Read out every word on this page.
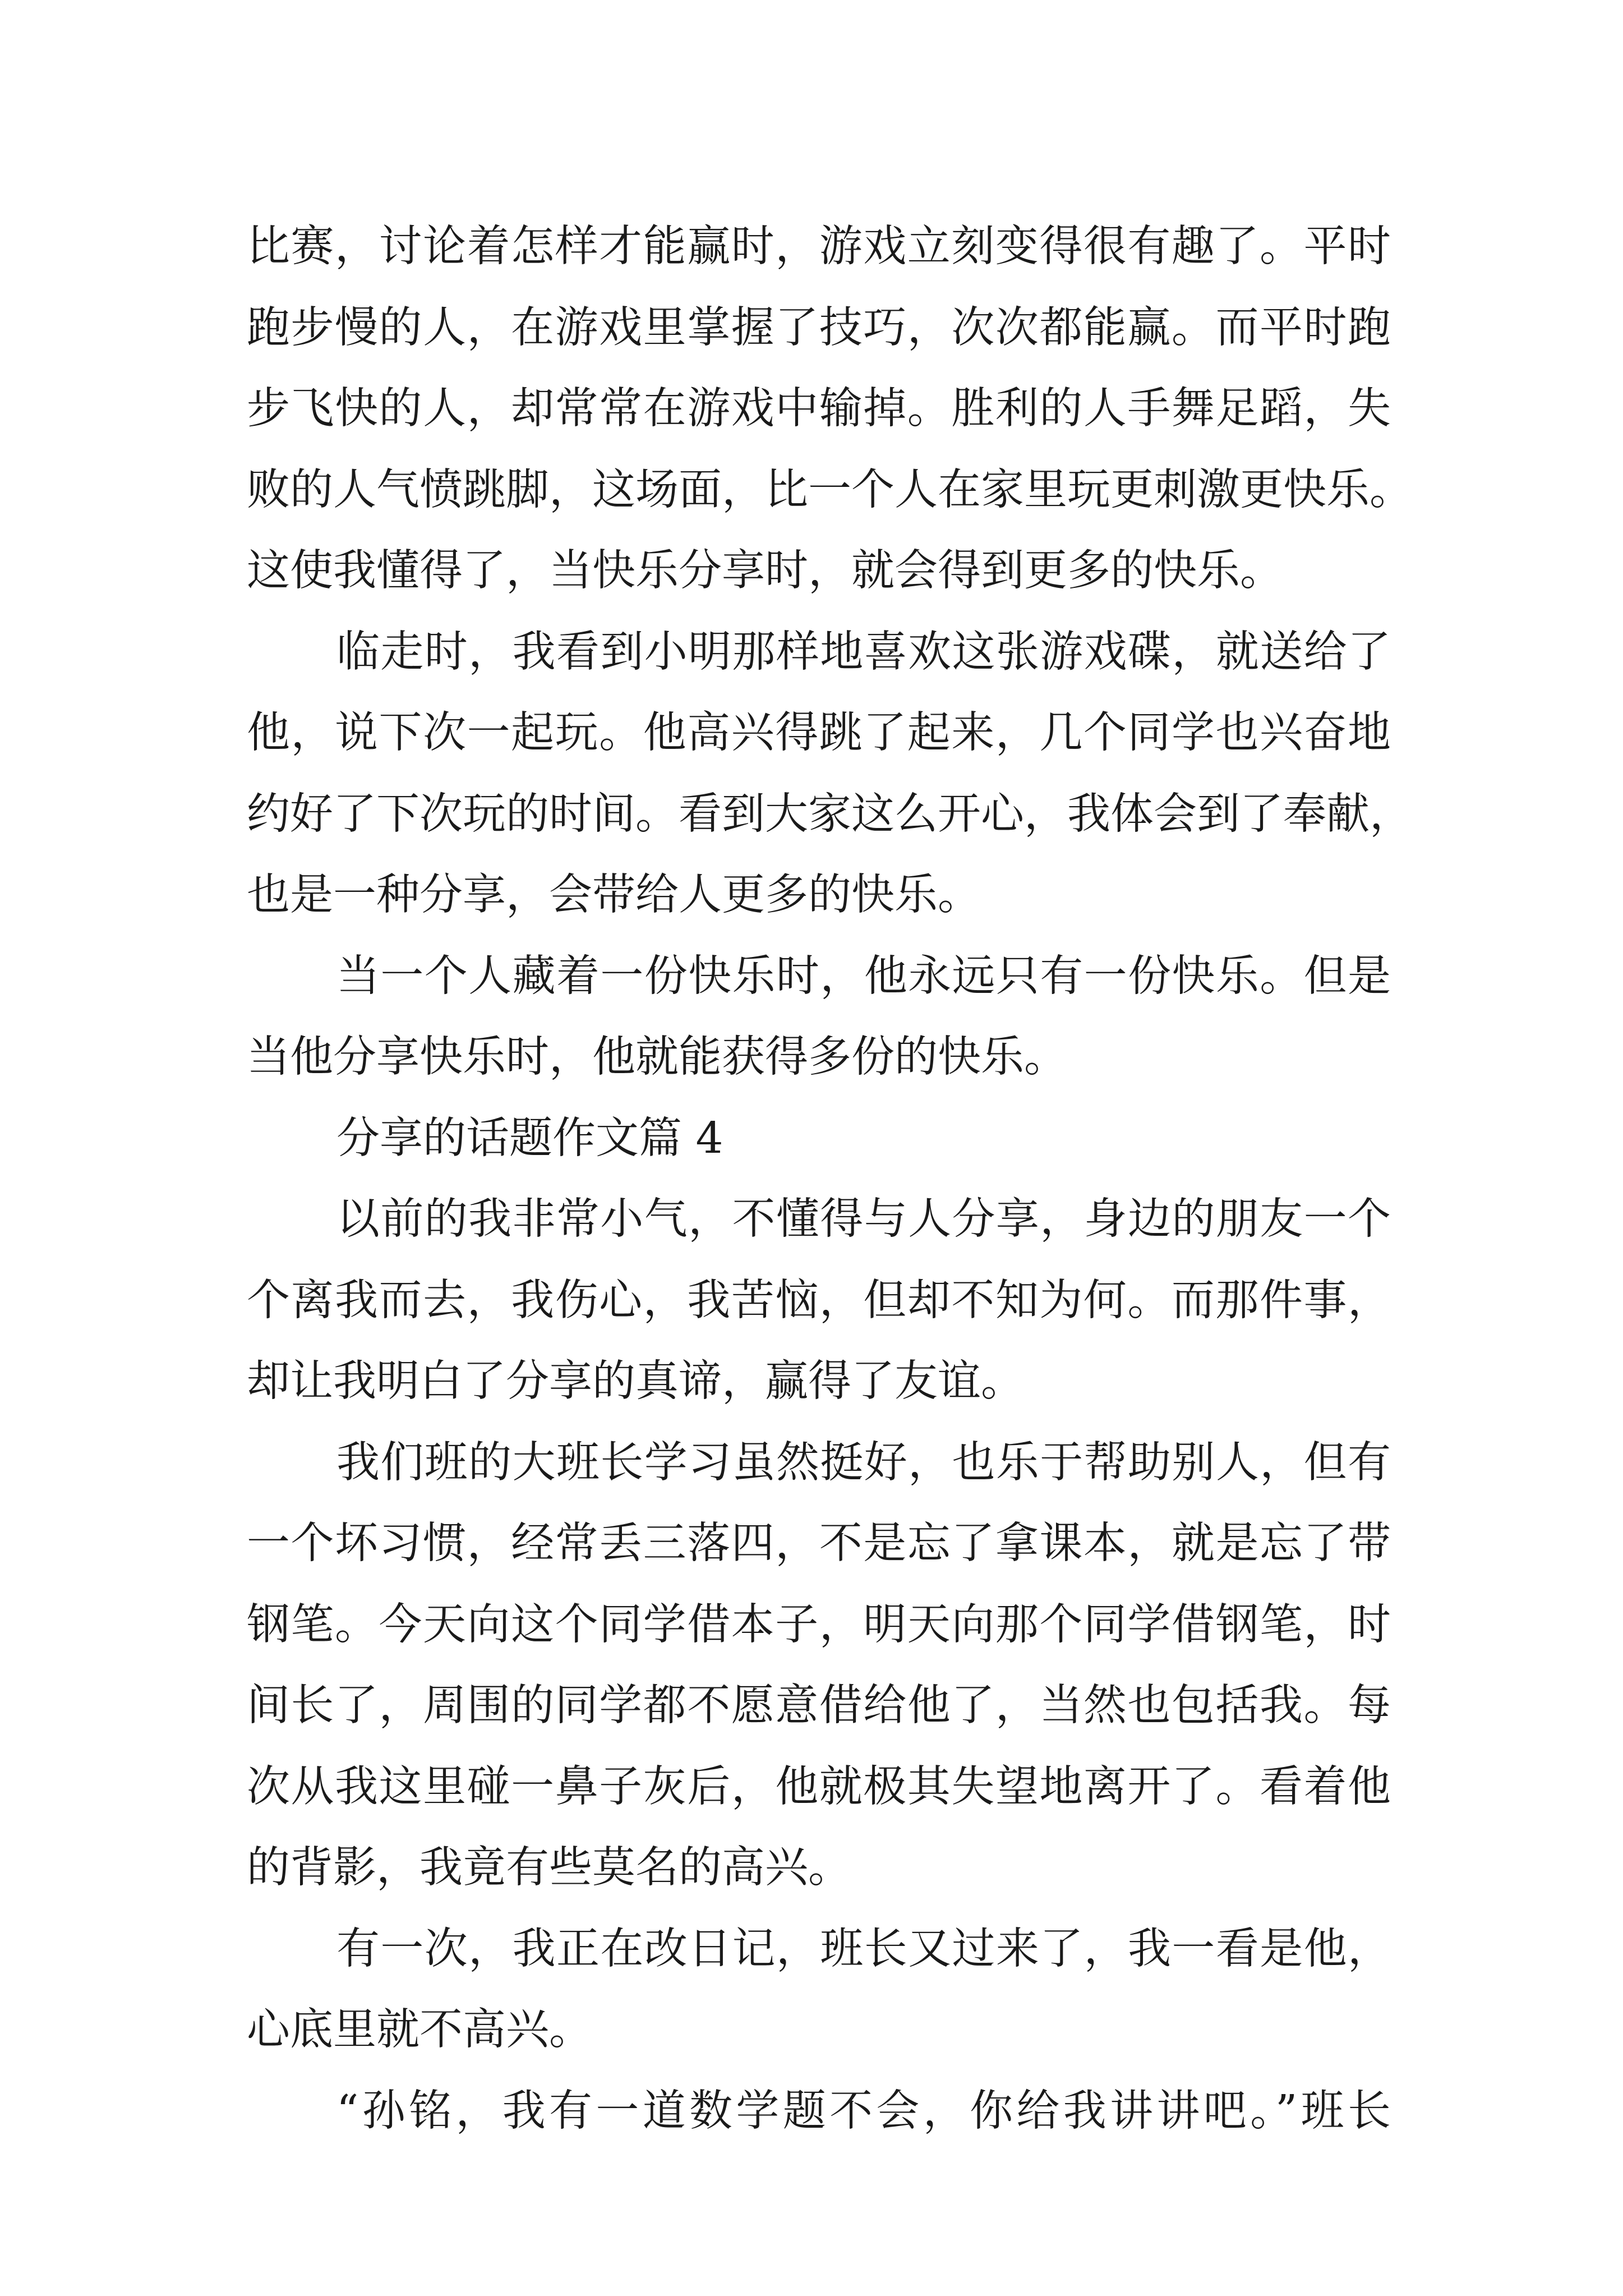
比赛，讨论着怎样才能赢时，游戏立刻变得很有趣了。平时
跑步慢的人，在游戏里掌握了技巧，次次都能赢。而平时跑
步飞快的人，却常常在游戏中输掉。胜利的人手舞足蹈，失
败的人气愤跳脚，这场面，比一个人在家里玩更刺激更快乐。
这使我懂得了，当快乐分享时，就会得到更多的快乐。
临走时，我看到小明那样地喜欢这张游戏碟，就送给了
他，说下次一起玩。他高兴得跳了起来，几个同学也兴奋地
约好了下次玩的时间。看到大家这么开心，我体会到了奉献，
也是一种分享，会带给人更多的快乐。
当一个人藏着一份快乐时，他永远只有一份快乐。但是
当他分享快乐时，他就能获得多份的快乐。
分享的话题作文篇 4
以前的我非常小气，不懂得与人分享，身边的朋友一个
个离我而去，我伤心，我苦恼，但却不知为何。而那件事，
却让我明白了分享的真谛，赢得了友谊。
我们班的大班长学习虽然挺好，也乐于帮助别人，但有
一个坏习惯，经常丢三落四，不是忘了拿课本，就是忘了带
钢笔。今天向这个同学借本子，明天向那个同学借钢笔，时
间长了，周围的同学都不愿意借给他了，当然也包括我。每
次从我这里碰一鼻子灰后，他就极其失望地离开了。看着他
的背影，我竟有些莫名的高兴。
有一次，我正在改日记，班长又过来了，我一看是他，
心底里就不高兴。
“孙铭，我有一道数学题不会，你给我讲讲吧。”班长
